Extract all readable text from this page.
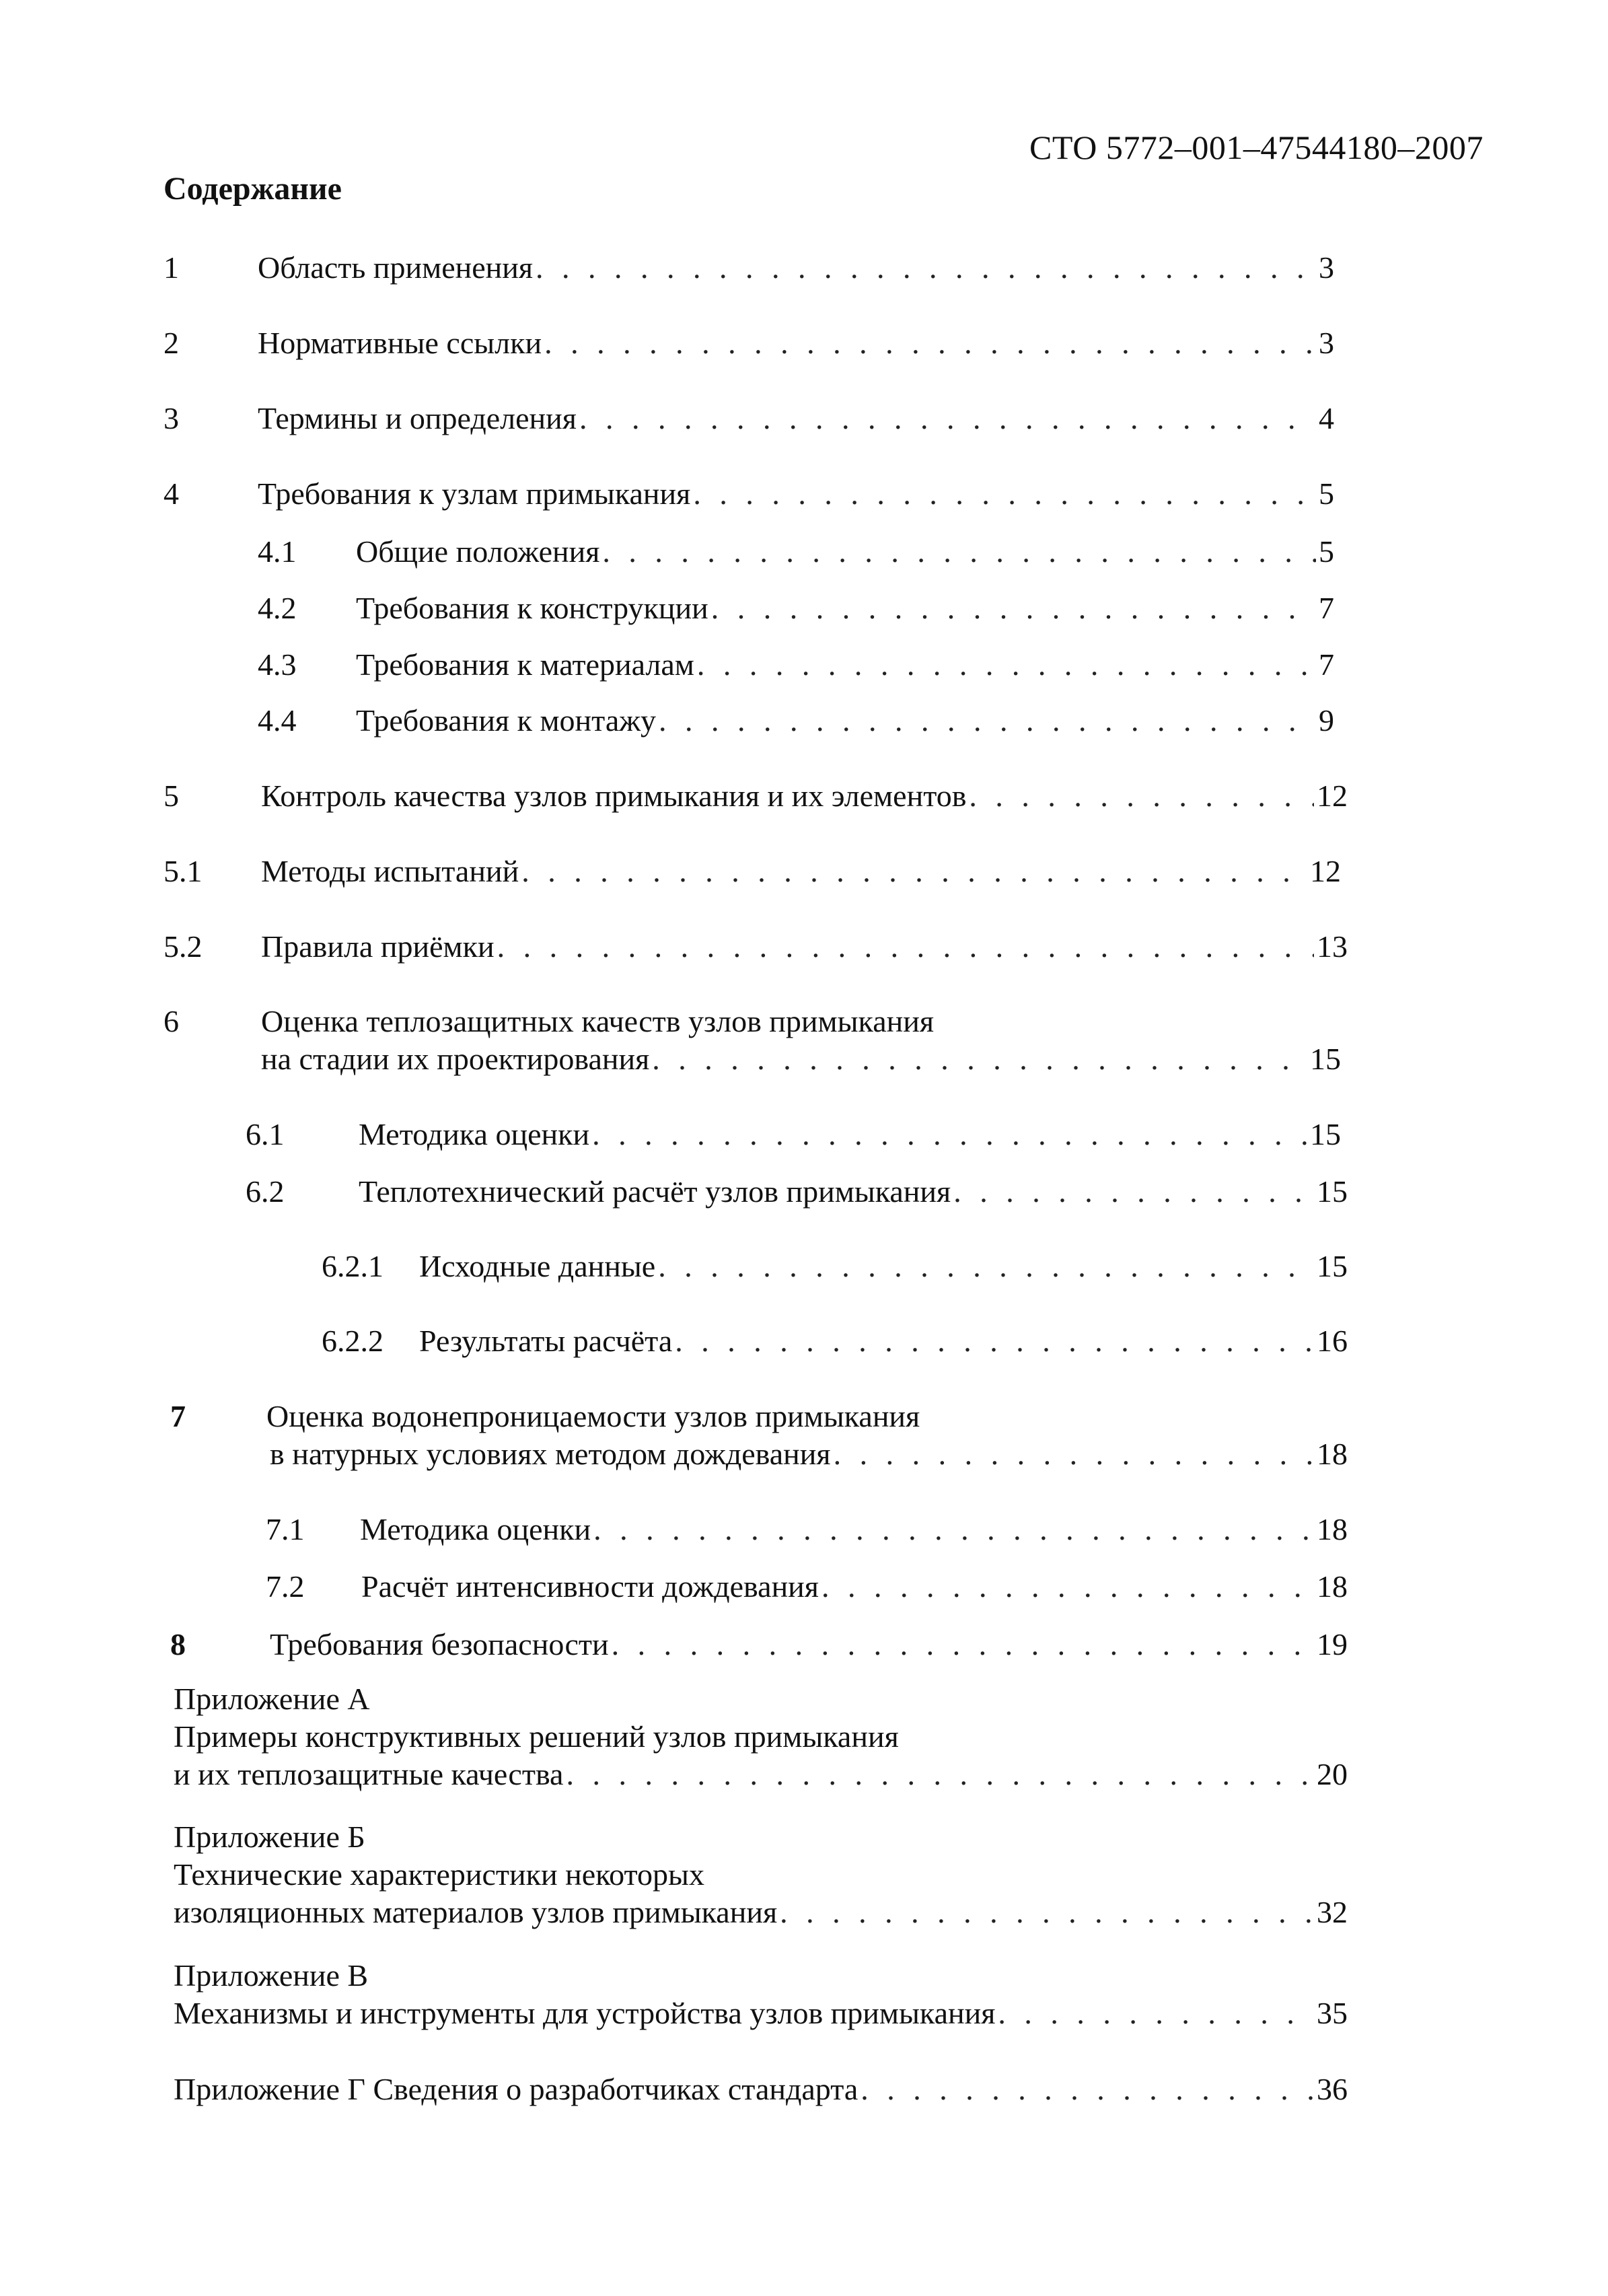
СТО 5772–001–47544180–2007
Содержание
1	Область применения . . .	3
2	Нормативные ссылки . . .	3
3	Термины и определения . . .	4
4	Требования к узлам примыкания . . .	5
4.1 Общие положения . . .	5
4.2 Требования к конструкции . . .	7
4.3 Требования к материалам . . .	7
4.4 Требования к монтажу . . .	9
5	Контроль качества узлов примыкания и их элементов . . .	12
5.1 Методы испытаний . . .	12
5.2 Правила приёмки . . .	13
6	Оценка теплозащитных качеств узлов примыкания
на стадии их проектирования . . .	15
6.1 Методика оценки . . .	15
6.2 Теплотехнический расчёт узлов примыкания . . .	15
6.2.1 Исходные данные . . .	15
6.2.2 Результаты расчёта . . .	16
7	Оценка водонепроницаемости узлов примыкания
в натурных условиях методом дождевания . . .	18
7.1 Методика оценки . . .	18
7.2 Расчёт интенсивности дождевания . . .	18
8	Требования безопасности . . .	19
Приложение А
Примеры конструктивных решений узлов примыкания
и их теплозащитные качества . . .	20
Приложение Б
Технические характеристики некоторых
изоляционных материалов узлов примыкания . . .	32
Приложение В
Механизмы и инструменты для устройства узлов примыкания . . .	35
Приложение Г Сведения о разработчиках стандарта . . .	36
